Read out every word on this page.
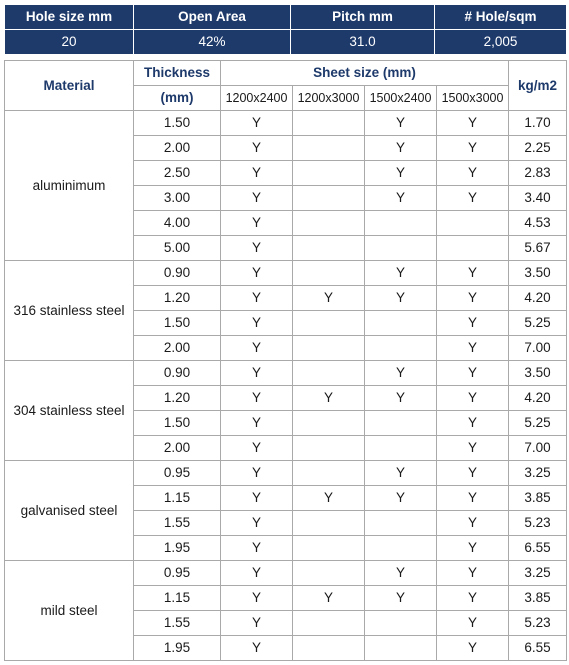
Hole size mm	Open Area	Pitch mm	# Hole/sqm
20	42%	31.0	2,005
Material	Thickness	Sheet size (mm)				kg/m2
	(mm)	1200x2400	1200x3000	1500x2400	1500x3000	
aluminimum	1.50	Y		Y	Y	1.70
	2.00	Y		Y	Y	2.25
	2.50	Y		Y	Y	2.83
	3.00	Y		Y	Y	3.40
	4.00	Y				4.53
	5.00	Y				5.67
316 stainless steel	0.90	Y		Y	Y	3.50
	1.20	Y	Y	Y	Y	4.20
	1.50	Y			Y	5.25
	2.00	Y			Y	7.00
304 stainless steel	0.90	Y		Y	Y	3.50
	1.20	Y	Y	Y	Y	4.20
	1.50	Y			Y	5.25
	2.00	Y			Y	7.00
galvanised steel	0.95	Y		Y	Y	3.25
	1.15	Y	Y	Y	Y	3.85
	1.55	Y			Y	5.23
	1.95	Y			Y	6.55
mild steel	0.95	Y		Y	Y	3.25
	1.15	Y	Y	Y	Y	3.85
	1.55	Y			Y	5.23
	1.95	Y			Y	6.55
